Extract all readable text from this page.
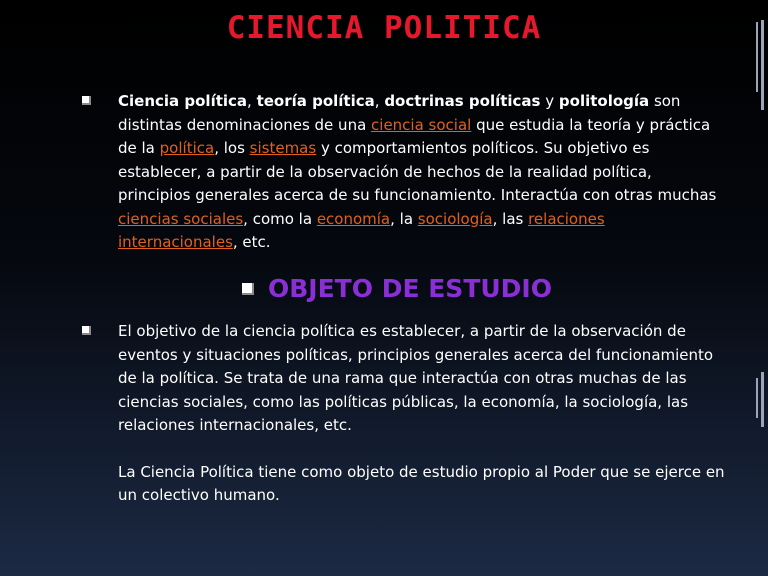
CIENCIA POLITICA
Ciencia política, teoría política, doctrinas políticas y politología son distintas denominaciones de una ciencia social que estudia la teoría y práctica de la política, los sistemas y comportamientos políticos. Su objetivo es establecer, a partir de la observación de hechos de la realidad política, principios generales acerca de su funcionamiento. Interactúa con otras muchas ciencias sociales, como la economía, la sociología, las relaciones internacionales, etc.
OBJETO DE ESTUDIO
El objetivo de la ciencia política es establecer, a partir de la observación de eventos y situaciones políticas, principios generales acerca del funcionamiento de la política. Se trata de una rama que interactúa con otras muchas de las ciencias sociales, como las políticas públicas, la economía, la sociología, las relaciones internacionales, etc.
La Ciencia Política tiene como objeto de estudio propio al Poder que se ejerce en un colectivo humano.
